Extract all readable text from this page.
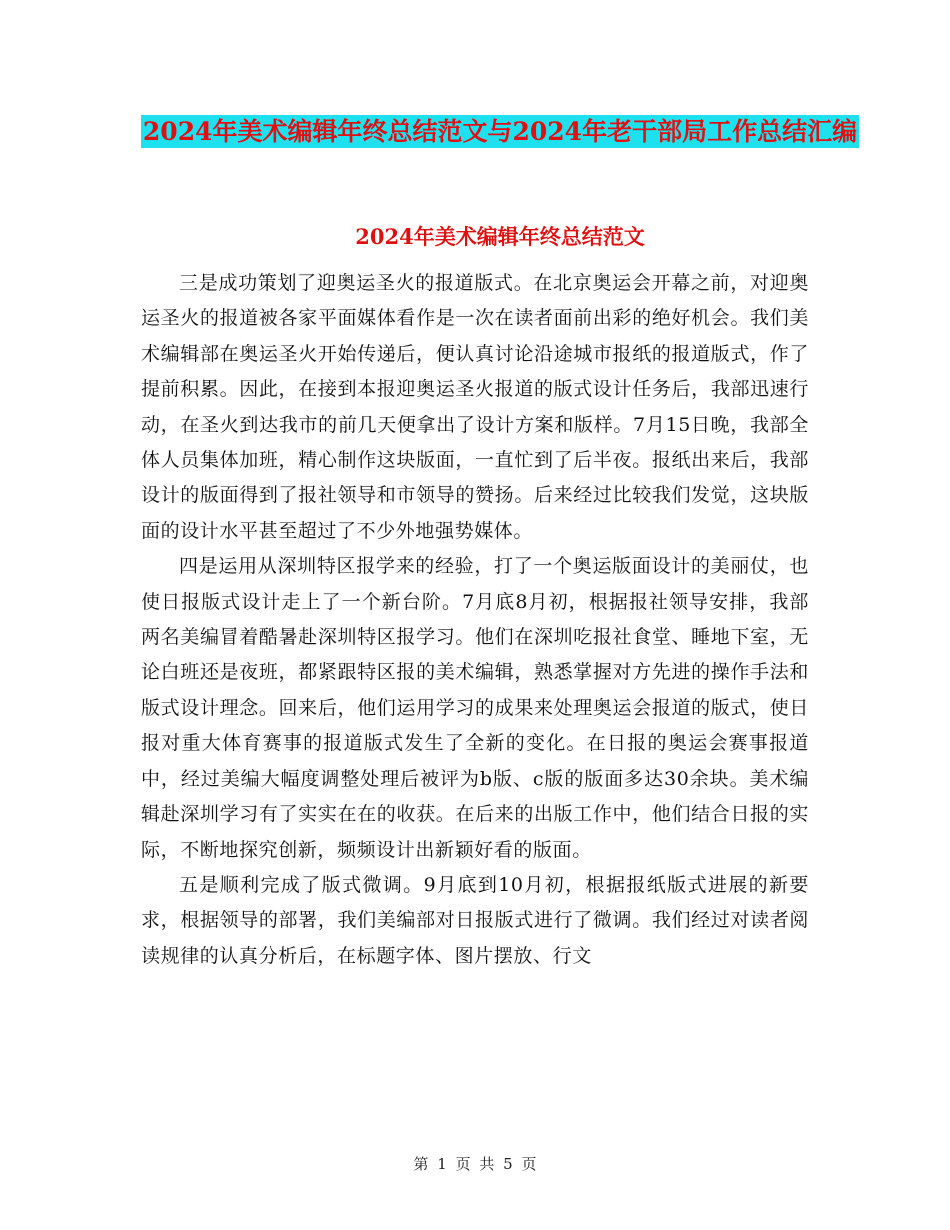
2024年美术编辑年终总结范文与2024年老干部局工作总结汇编
2024年美术编辑年终总结范文

三是成功策划了迎奥运圣火的报道版式。在北京奥运会开幕之前，对迎奥运圣火的报道被各家平面媒体看作是一次在读者面前出彩的绝好机会。我们美术编辑部在奥运圣火开始传递后，便认真讨论沿途城市报纸的报道版式，作了提前积累。因此，在接到本报迎奥运圣火报道的版式设计任务后，我部迅速行动，在圣火到达我市的前几天便拿出了设计方案和版样。7月15日晚，我部全体人员集体加班，精心制作这块版面，一直忙到了后半夜。报纸出来后，我部设计的版面得到了报社领导和市领导的赞扬。后来经过比较我们发觉，这块版面的设计水平甚至超过了不少外地强势媒体。

四是运用从深圳特区报学来的经验，打了一个奥运版面设计的美丽仗，也使日报版式设计走上了一个新台阶。7月底8月初，根据报社领导安排，我部两名美编冒着酷暑赴深圳特区报学习。他们在深圳吃报社食堂、睡地下室，无论白班还是夜班，都紧跟特区报的美术编辑，熟悉掌握对方先进的操作手法和版式设计理念。回来后，他们运用学习的成果来处理奥运会报道的版式，使日报对重大体育赛事的报道版式发生了全新的变化。在日报的奥运会赛事报道中，经过美编大幅度调整处理后被评为b版、c版的版面多达30余块。美术编辑赴深圳学习有了实实在在的收获。在后来的出版工作中，他们结合日报的实际，不断地探究创新，频频设计出新颖好看的版面。

五是顺利完成了版式微调。9月底到10月初，根据报纸版式进展的新要求，根据领导的部署，我们美编部对日报版式进行了微调。我们经过对读者阅读规律的认真分析后，在标题字体、图片摆放、行文

第 1 页 共 5 页
